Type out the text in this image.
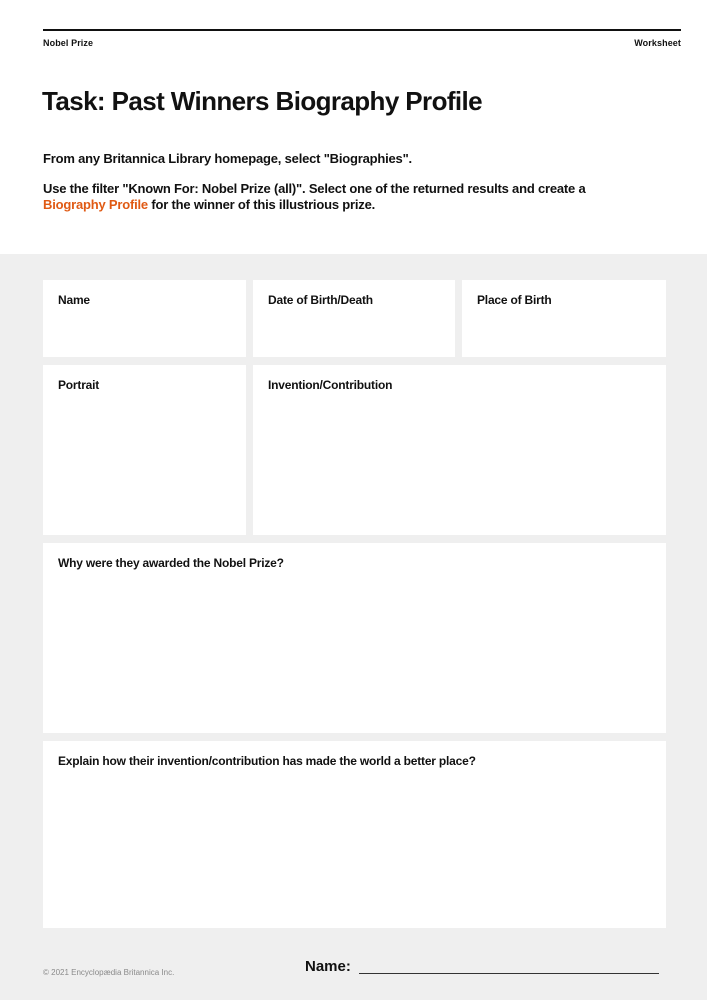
Nobel Prize	Worksheet
Task: Past Winners Biography Profile

From any Britannica Library homepage, select "Biographies".

Use the filter "Known For: Nobel Prize (all)". Select one of the returned results and create a
Biography Profile for the winner of this illustrious prize.

Name	Date of Birth/Death	Place of Birth
Portrait	Invention/Contribution
Why were they awarded the Nobel Prize?
Explain how their invention/contribution has made the world a better place?
© 2021 Encyclopædia Britannica Inc.	Name:
